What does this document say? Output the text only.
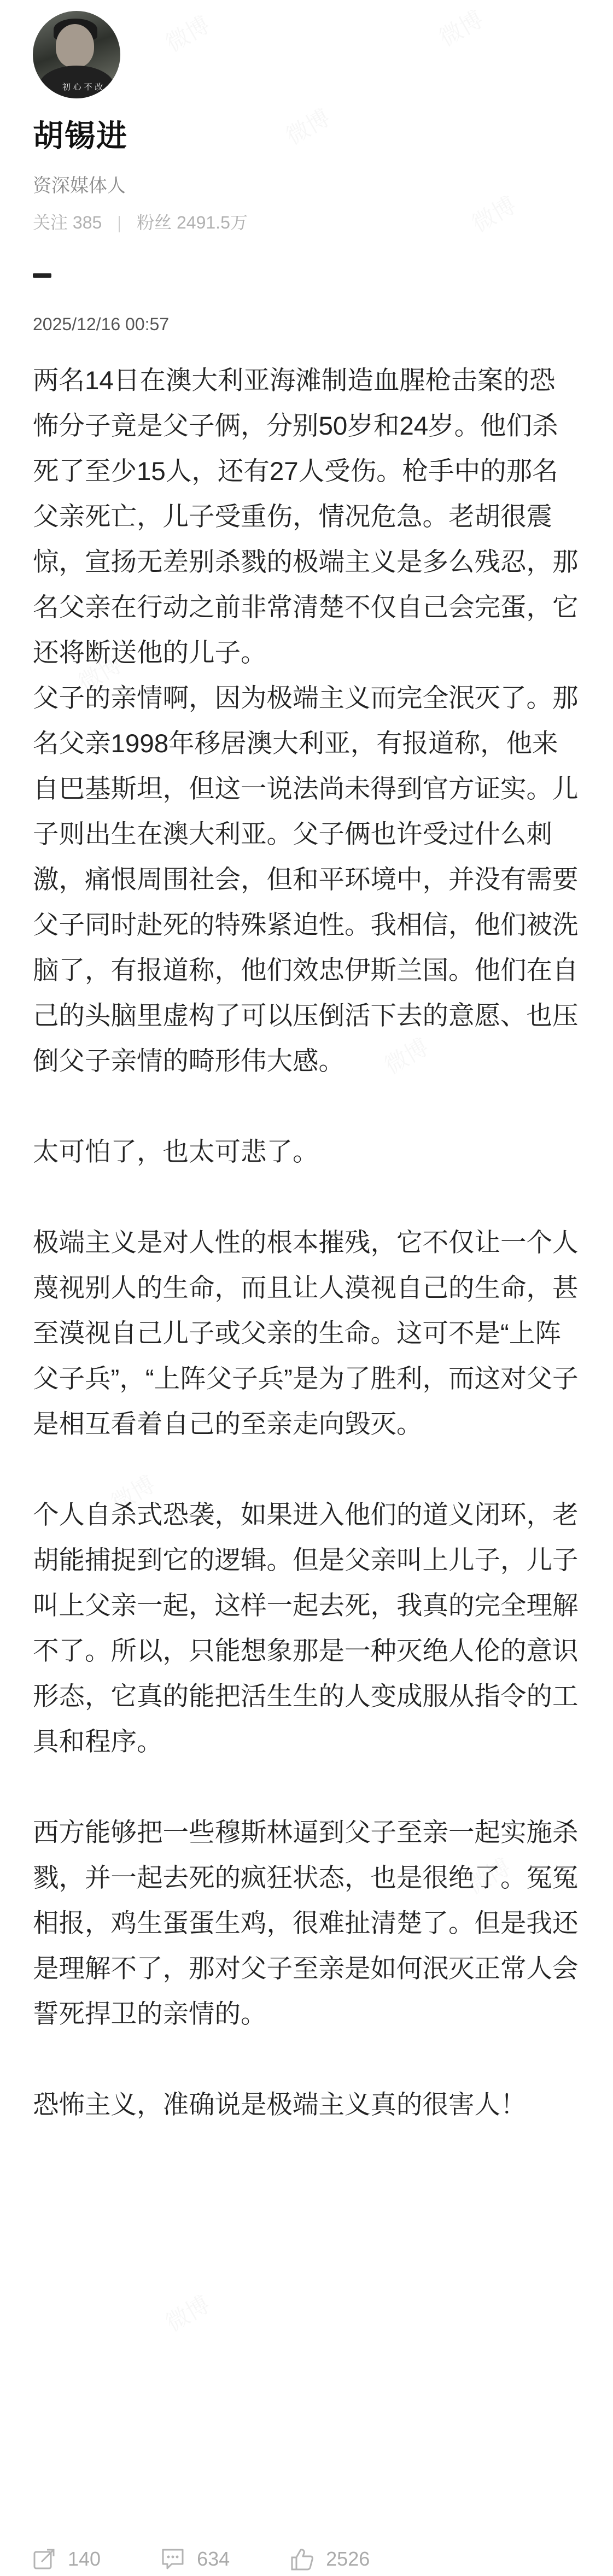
初 心 不 改
胡锡进
资深媒体人
关注 385 粉丝 2491.5万
2025/12/16 00:57

两名14日在澳大利亚海滩制造血腥枪击案的恐怖分子竟是父子俩，分别50岁和24岁。他们杀死了至少15人，还有27人受伤。枪手中的那名父亲死亡，儿子受重伤，情况危急。老胡很震惊，宣扬无差别杀戮的极端主义是多么残忍，那名父亲在行动之前非常清楚不仅自己会完蛋，它还将断送他的儿子。

父子的亲情啊，因为极端主义而完全泯灭了。那名父亲1998年移居澳大利亚，有报道称，他来自巴基斯坦，但这一说法尚未得到官方证实。儿子则出生在澳大利亚。父子俩也许受过什么刺激，痛恨周围社会，但和平环境中，并没有需要父子同时赴死的特殊紧迫性。我相信，他们被洗脑了，有报道称，他们效忠伊斯兰国。他们在自己的头脑里虚构了可以压倒活下去的意愿、也压倒父子亲情的畸形伟大感。

太可怕了，也太可悲了。

极端主义是对人性的根本摧残，它不仅让一个人蔑视别人的生命，而且让人漠视自己的生命，甚至漠视自己儿子或父亲的生命。这可不是“上阵父子兵”，“上阵父子兵”是为了胜利，而这对父子是相互看着自己的至亲走向毁灭。

个人自杀式恐袭，如果进入他们的道义闭环，老胡能捕捉到它的逻辑。但是父亲叫上儿子，儿子叫上父亲一起，这样一起去死，我真的完全理解不了。所以，只能想象那是一种灭绝人伦的意识形态，它真的能把活生生的人变成服从指令的工具和程序。

西方能够把一些穆斯林逼到父子至亲一起实施杀戮，并一起去死的疯狂状态，也是很绝了。冤冤相报，鸡生蛋蛋生鸡，很难扯清楚了。但是我还是理解不了，那对父子至亲是如何泯灭正常人会誓死捍卫的亲情的。

恐怖主义，准确说是极端主义真的很害人！

140	634	2526
